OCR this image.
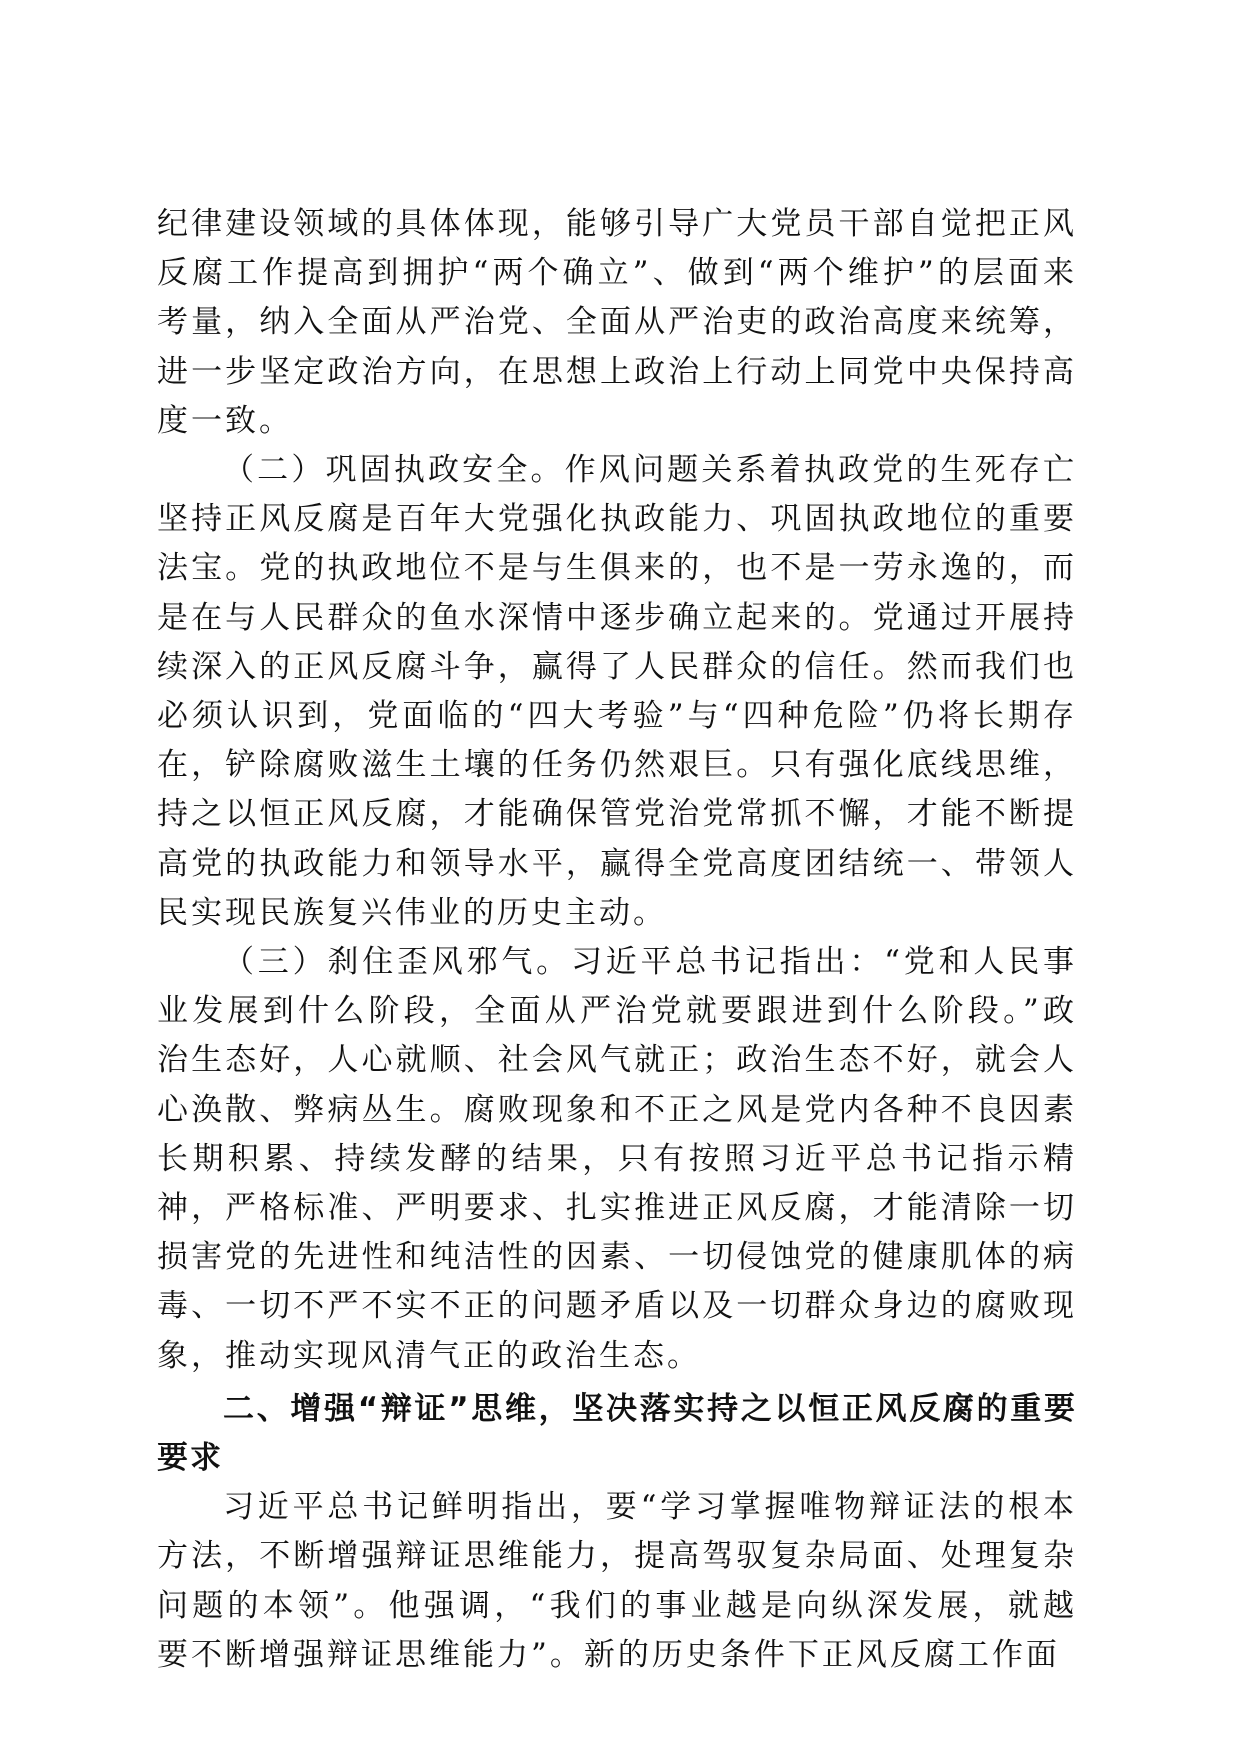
纪律建设领域的具体体现，能够引导广大党员干部自觉把正风反腐工作提高到拥护“两个确立”、做到“两个维护”的层面来考量，纳入全面从严治党、全面从严治吏的政治高度来统筹，进一步坚定政治方向，在思想上政治上行动上同党中央保持高度一致。

（二）巩固执政安全。作风问题关系着执政党的生死存亡坚持正风反腐是百年大党强化执政能力、巩固执政地位的重要法宝。党的执政地位不是与生俱来的，也不是一劳永逸的，而是在与人民群众的鱼水深情中逐步确立起来的。党通过开展持续深入的正风反腐斗争，赢得了人民群众的信任。然而我们也必须认识到，党面临的“四大考验”与“四种危险”仍将长期存在，铲除腐败滋生土壤的任务仍然艰巨。只有强化底线思维，持之以恒正风反腐，才能确保管党治党常抓不懈，才能不断提高党的执政能力和领导水平，赢得全党高度团结统一、带领人民实现民族复兴伟业的历史主动。

（三）刹住歪风邪气。习近平总书记指出：“党和人民事业发展到什么阶段，全面从严治党就要跟进到什么阶段。”政治生态好，人心就顺、社会风气就正；政治生态不好，就会人心涣散、弊病丛生。腐败现象和不正之风是党内各种不良因素长期积累、持续发酵的结果，只有按照习近平总书记指示精神，严格标准、严明要求、扎实推进正风反腐，才能清除一切损害党的先进性和纯洁性的因素、一切侵蚀党的健康肌体的病毒、一切不严不实不正的问题矛盾以及一切群众身边的腐败现象，推动实现风清气正的政治生态。

二、增强“辩证”思维，坚决落实持之以恒正风反腐的重要要求

习近平总书记鲜明指出，要“学习掌握唯物辩证法的根本方法，不断增强辩证思维能力，提高驾驭复杂局面、处理复杂问题的本领”。他强调，“我们的事业越是向纵深发展，就越要不断增强辩证思维能力”。新的历史条件下正风反腐工作面
